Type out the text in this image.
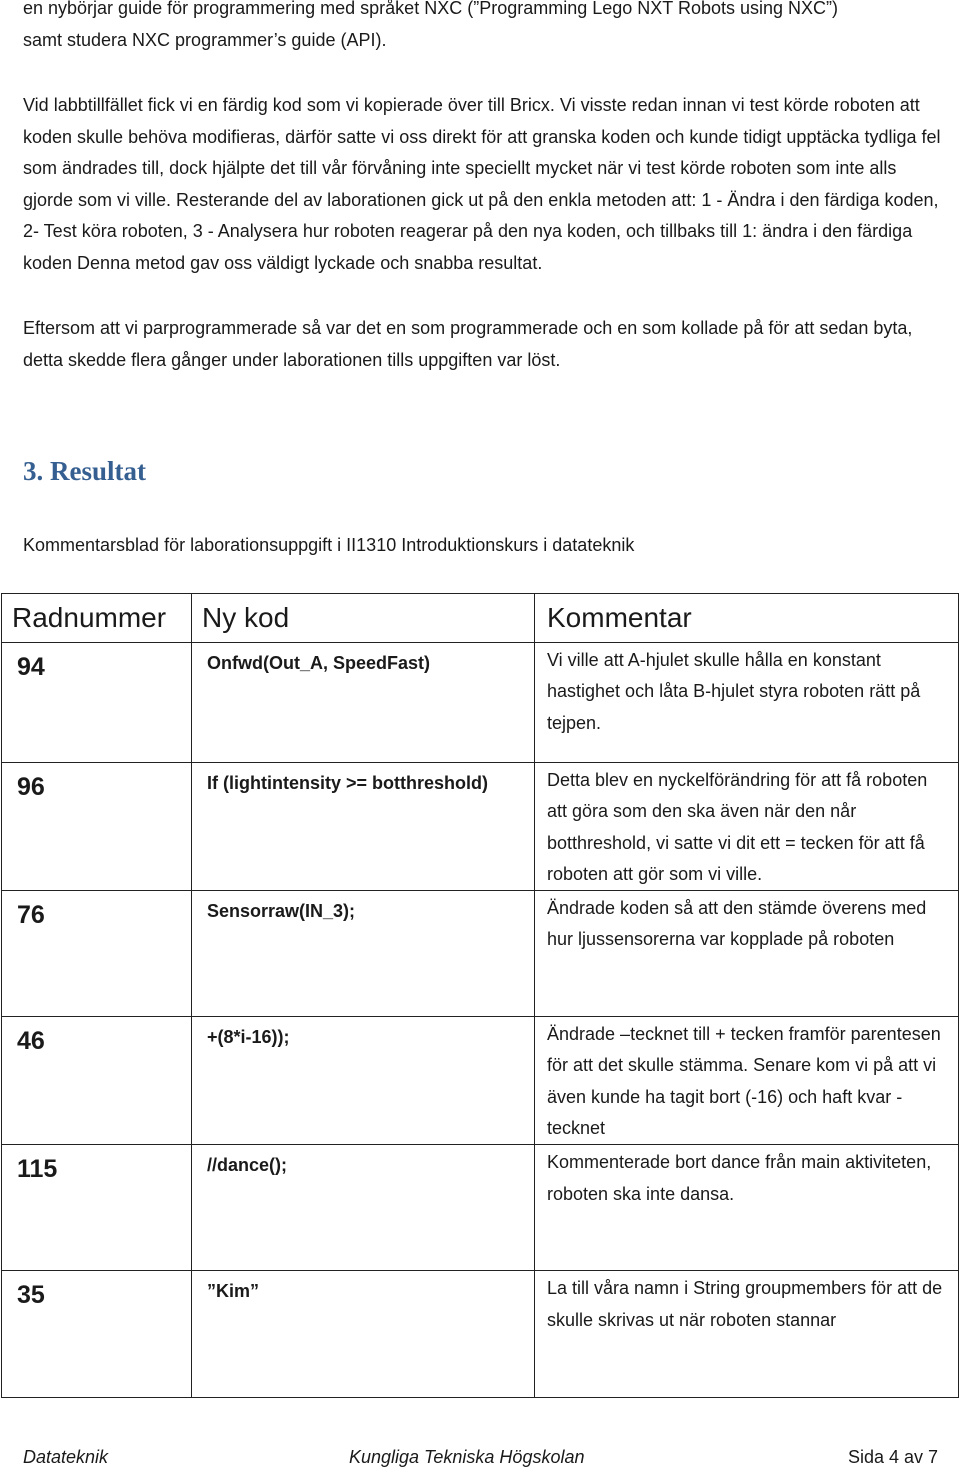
en nybörjar guide för programmering med språket NXC (”Programming Lego NXT Robots using NXC”)
samt studera NXC programmer’s guide (API).

Vid labbtillfället fick vi en färdig kod som vi kopierade över till Bricx. Vi visste redan innan vi test körde roboten att koden skulle behöva modifieras, därför satte vi oss direkt för att granska koden och kunde tidigt upptäcka tydliga fel som ändrades till, dock hjälpte det till vår förvåning inte speciellt mycket när vi test körde roboten som inte alls gjorde som vi ville. Resterande del av laborationen gick ut på den enkla metoden att: 1 - Ändra i den färdiga koden, 2- Test köra roboten, 3 - Analysera hur roboten reagerar på den nya koden, och tillbaks till 1: ändra i den färdiga koden Denna metod gav oss väldigt lyckade och snabba resultat.

Eftersom att vi parprogrammerade så var det en som programmerade och en som kollade på för att sedan byta, detta skedde flera gånger under laborationen tills uppgiften var löst.

3. Resultat

Kommentarsblad för laborationsuppgift i II1310 Introduktionskurs i datateknik

Radnummer	Ny kod	Kommentar
94	Onfwd(Out_A, SpeedFast)	Vi ville att A-hjulet skulle hålla en konstant hastighet och låta B-hjulet styra roboten rätt på tejpen.
96	If (lightintensity >= botthreshold)	Detta blev en nyckelförändring för att få roboten att göra som den ska även när den når botthreshold, vi satte vi dit ett = tecken för att få roboten att gör som vi ville.
76	Sensorraw(IN_3);	Ändrade koden så att den stämde överens med hur ljussensorerna var kopplade på roboten
46	+(8*i-16));	Ändrade –tecknet till + tecken framför parentesen för att det skulle stämma. Senare kom vi på att vi även kunde ha tagit bort (-16) och haft kvar -tecknet
115	//dance();	Kommenterade bort dance från main aktiviteten, roboten ska inte dansa.
35	”Kim”	La till våra namn i String groupmembers för att de skulle skrivas ut när roboten stannar
Datateknik	Kungliga Tekniska Högskolan	Sida 4 av 7
